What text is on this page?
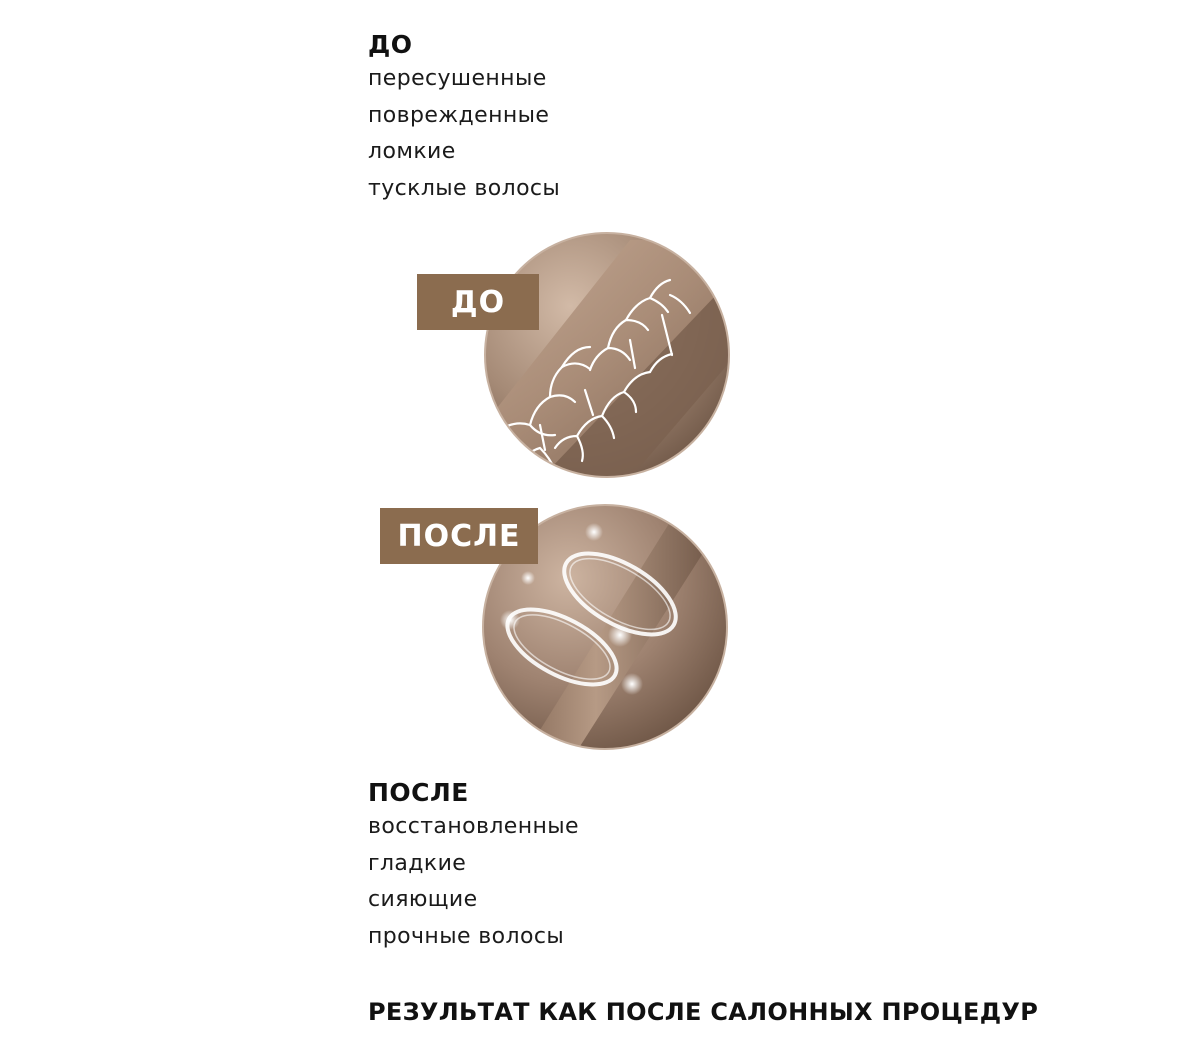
ДО
пересушенные
поврежденные
ломкие
тусклые волосы
ДО
ПОСЛЕ
ПОСЛЕ
восстановленные
гладкие
сияющие
прочные волосы
РЕЗУЛЬТАТ КАК ПОСЛЕ САЛОННЫХ ПРОЦЕДУР
